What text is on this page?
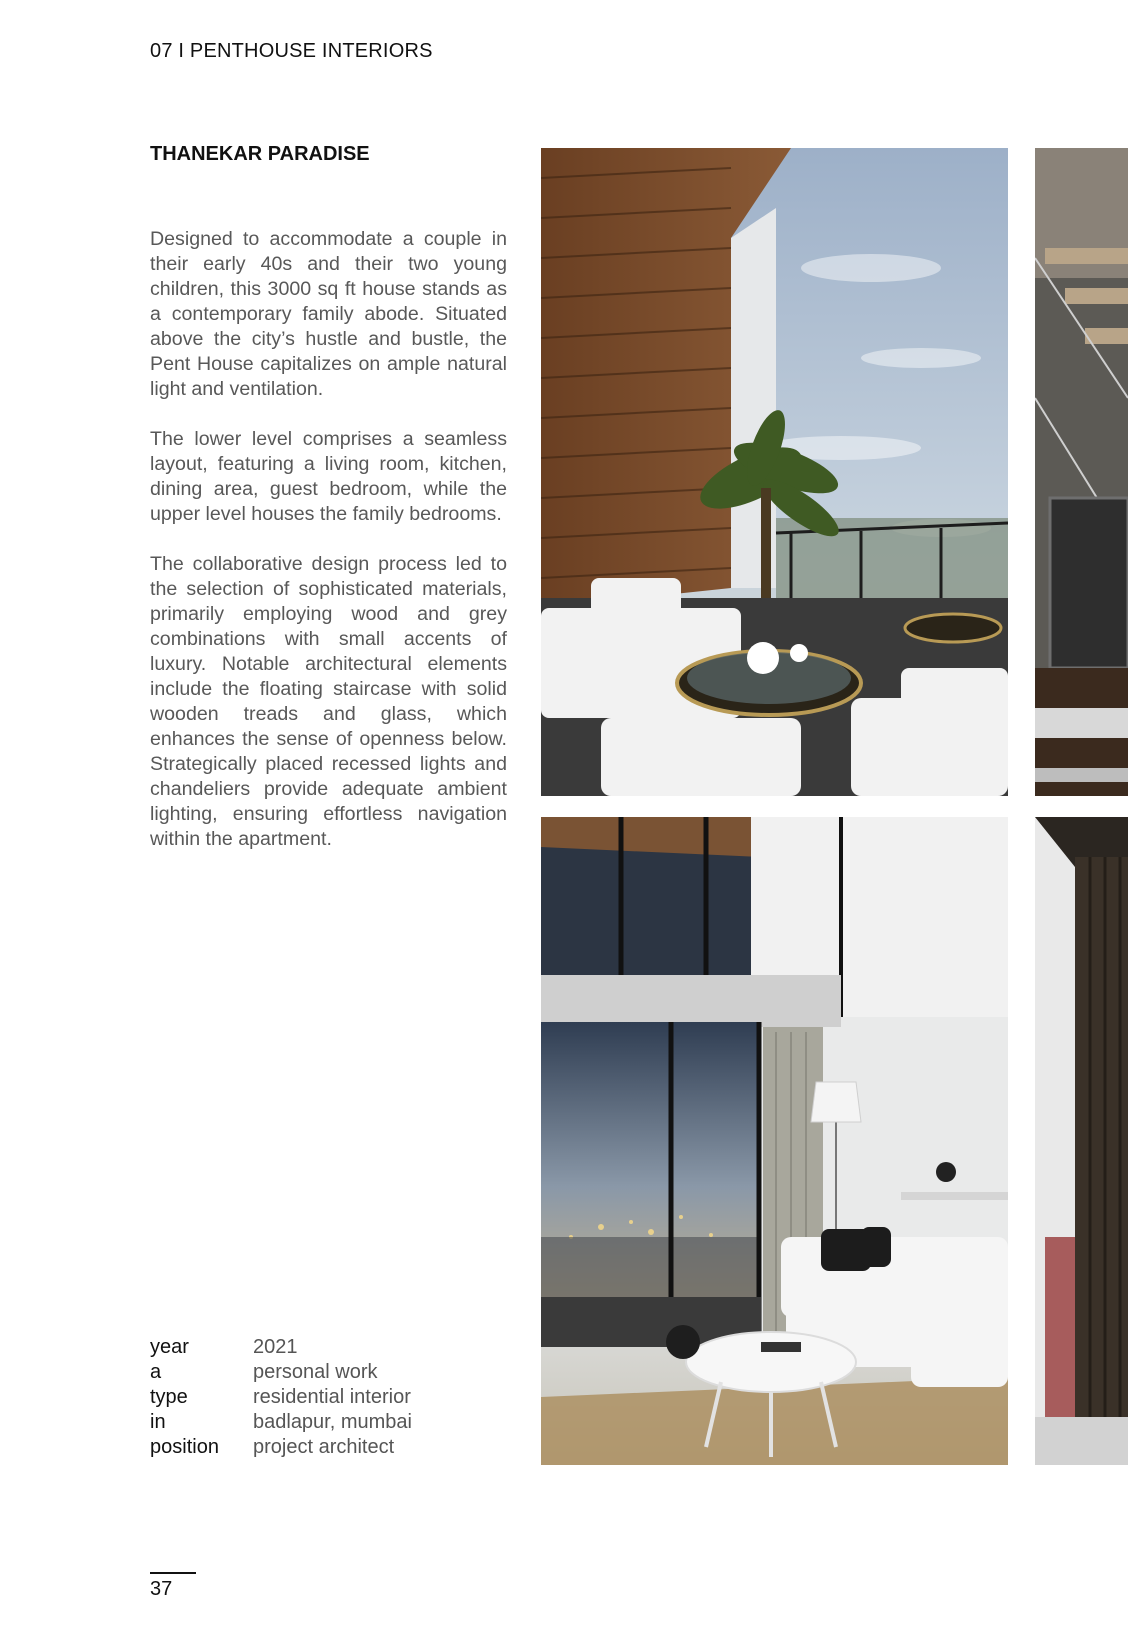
07 I PENTHOUSE INTERIORS
THANEKAR PARADISE

Designed to accommodate a couple in their early 40s and their two young children, this 3000 sq ft house stands as a contemporary family abode. Situated above the city’s hustle and bustle, the Pent House capitalizes on ample natural light and ventilation.

The lower level comprises a seamless layout, featuring a living room, kitchen, dining area, guest bedroom, while the upper level houses the family bedrooms.

The collaborative design process led to the selection of sophisticated materials, primarily employing wood and grey combinations with small accents of luxury. Notable architectural elements include the floating staircase with solid wooden treads and glass, which enhances the sense of openness below. Strategically placed recessed lights and chandeliers provide adequate ambient lighting, ensuring effortless navigation within the apartment.

year	2021
a	personal work
type	residential interior
in	badlapur, mumbai
position	project architect
37
